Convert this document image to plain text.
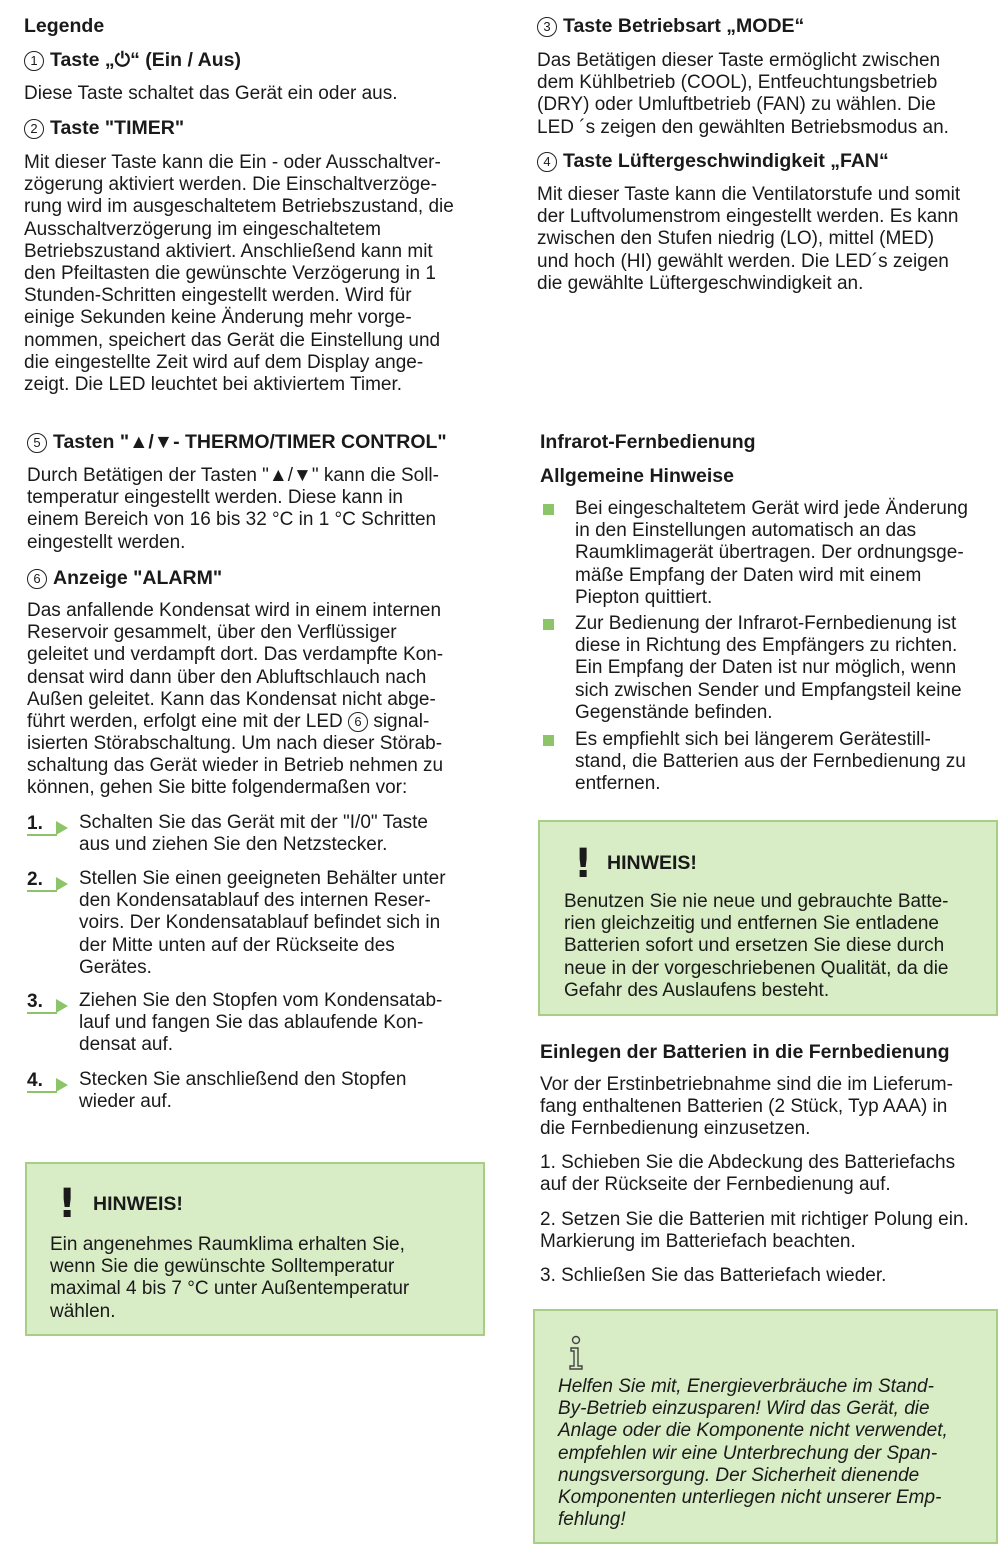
Legende
1 Taste „⏻“ (Ein / Aus)
Diese Taste schaltet das Gerät ein oder aus.
2 Taste "TIMER"
Mit dieser Taste kann die Ein - oder Ausschaltver-
zögerung aktiviert werden. Die Einschaltverzöge-
rung wird im ausgeschaltetem Betriebszustand, die
Ausschaltverzögerung im eingeschaltetem
Betriebszustand aktiviert. Anschließend kann mit
den Pfeiltasten die gewünschte Verzögerung in 1
Stunden-Schritten eingestellt werden. Wird für
einige Sekunden keine Änderung mehr vorge-
nommen, speichert das Gerät die Einstellung und
die eingestellte Zeit wird auf dem Display ange-
zeigt. Die LED leuchtet bei aktiviertem Timer.
5 Tasten "▲/▼- THERMO/TIMER CONTROL"
Durch Betätigen der Tasten "▲/▼" kann die Soll-
temperatur eingestellt werden. Diese kann in
einem Bereich von 16 bis 32 °C in 1 °C Schritten
eingestellt werden.
6 Anzeige "ALARM"
Das anfallende Kondensat wird in einem internen
Reservoir gesammelt, über den Verflüssiger
geleitet und verdampft dort. Das verdampfte Kon-
densat wird dann über den Abluftschlauch nach
Außen geleitet. Kann das Kondensat nicht abge-
führt werden, erfolgt eine mit der LED 6 signal-
isierten Störabschaltung. Um nach dieser Störab-
schaltung das Gerät wieder in Betrieb nehmen zu
können, gehen Sie bitte folgendermaßen vor:
1. Schalten Sie das Gerät mit der "I/0" Taste
aus und ziehen Sie den Netzstecker.
2. Stellen Sie einen geeigneten Behälter unter
den Kondensatablauf des internen Reser-
voirs. Der Kondensatablauf befindet sich in
der Mitte unten auf der Rückseite des
Gerätes.
3. Ziehen Sie den Stopfen vom Kondensatab-
lauf und fangen Sie das ablaufende Kon-
densat auf.
4. Stecken Sie anschließend den Stopfen
wieder auf.
! HINWEIS!
Ein angenehmes Raumklima erhalten Sie,
wenn Sie die gewünschte Solltemperatur
maximal 4 bis 7 °C unter Außentemperatur
wählen.
3 Taste Betriebsart „MODE“
Das Betätigen dieser Taste ermöglicht zwischen
dem Kühlbetrieb (COOL), Entfeuchtungsbetrieb
(DRY) oder Umluftbetrieb (FAN) zu wählen. Die
LED ´s zeigen den gewählten Betriebsmodus an.
4 Taste Lüftergeschwindigkeit „FAN“
Mit dieser Taste kann die Ventilatorstufe und somit
der Luftvolumenstrom eingestellt werden. Es kann
zwischen den Stufen niedrig (LO), mittel (MED)
und hoch (HI) gewählt werden. Die LED´s zeigen
die gewählte Lüftergeschwindigkeit an.
Infrarot-Fernbedienung
Allgemeine Hinweise
Bei eingeschaltetem Gerät wird jede Änderung
in den Einstellungen automatisch an das
Raumklimagerät übertragen. Der ordnungsge-
mäße Empfang der Daten wird mit einem
Piepton quittiert.
Zur Bedienung der Infrarot-Fernbedienung ist
diese in Richtung des Empfängers zu richten.
Ein Empfang der Daten ist nur möglich, wenn
sich zwischen Sender und Empfangsteil keine
Gegenstände befinden.
Es empfiehlt sich bei längerem Gerätestill-
stand, die Batterien aus der Fernbedienung zu
entfernen.
! HINWEIS!
Benutzen Sie nie neue und gebrauchte Batte-
rien gleichzeitig und entfernen Sie entladene
Batterien sofort und ersetzen Sie diese durch
neue in der vorgeschriebenen Qualität, da die
Gefahr des Auslaufens besteht.
Einlegen der Batterien in die Fernbedienung
Vor der Erstinbetriebnahme sind die im Lieferum-
fang enthaltenen Batterien (2 Stück, Typ AAA) in
die Fernbedienung einzusetzen.
1. Schieben Sie die Abdeckung des Batteriefachs
auf der Rückseite der Fernbedienung auf.
2. Setzen Sie die Batterien mit richtiger Polung ein.
Markierung im Batteriefach beachten.
3. Schließen Sie das Batteriefach wieder.
Helfen Sie mit, Energieverbräuche im Stand-
By-Betrieb einzusparen! Wird das Gerät, die
Anlage oder die Komponente nicht verwendet,
empfehlen wir eine Unterbrechung der Span-
nungsversorgung. Der Sicherheit dienende
Komponenten unterliegen nicht unserer Emp-
fehlung!
